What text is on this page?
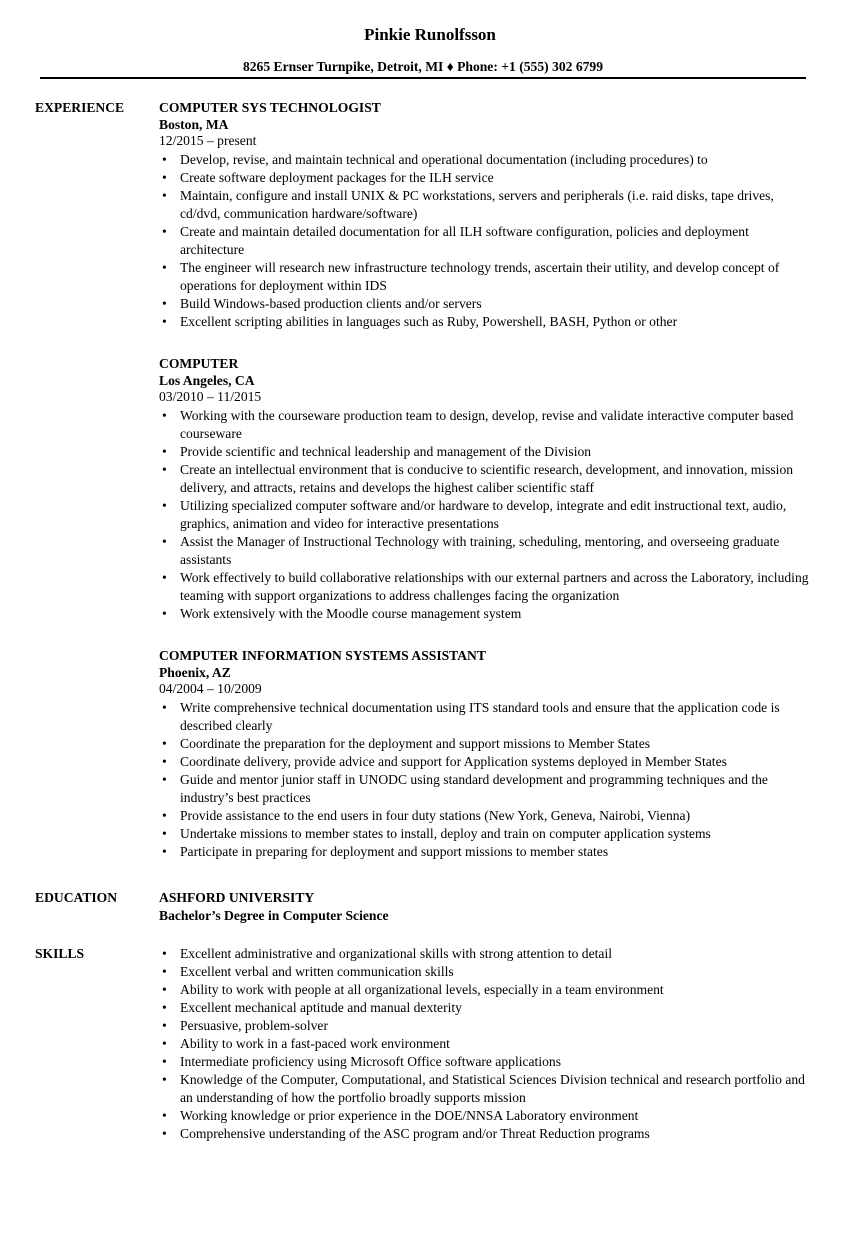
Pinkie Runolfsson
8265 Ernser Turnpike, Detroit, MI ♦ Phone: +1 (555) 302 6799
EXPERIENCE	COMPUTER SYS TECHNOLOGIST
Boston, MA
12/2015 – present
• Develop, revise, and maintain technical and operational documentation (including procedures) to
• Create software deployment packages for the ILH service
• Maintain, configure and install UNIX & PC workstations, servers and peripherals (i.e. raid disks, tape drives, cd/dvd, communication hardware/software)
• Create and maintain detailed documentation for all ILH software configuration, policies and deployment architecture
• The engineer will research new infrastructure technology trends, ascertain their utility, and develop concept of operations for deployment within IDS
• Build Windows-based production clients and/or servers
• Excellent scripting abilities in languages such as Ruby, Powershell, BASH, Python or other
COMPUTER
Los Angeles, CA
03/2010 – 11/2015
• Working with the courseware production team to design, develop, revise and validate interactive computer based courseware
• Provide scientific and technical leadership and management of the Division
• Create an intellectual environment that is conducive to scientific research, development, and innovation, mission delivery, and attracts, retains and develops the highest caliber scientific staff
• Utilizing specialized computer software and/or hardware to develop, integrate and edit instructional text, audio, graphics, animation and video for interactive presentations
• Assist the Manager of Instructional Technology with training, scheduling, mentoring, and overseeing graduate assistants
• Work effectively to build collaborative relationships with our external partners and across the Laboratory, including teaming with support organizations to address challenges facing the organization
• Work extensively with the Moodle course management system
COMPUTER INFORMATION SYSTEMS ASSISTANT
Phoenix, AZ
04/2004 – 10/2009
• Write comprehensive technical documentation using ITS standard tools and ensure that the application code is described clearly
• Coordinate the preparation for the deployment and support missions to Member States
• Coordinate delivery, provide advice and support for Application systems deployed in Member States
• Guide and mentor junior staff in UNODC using standard development and programming techniques and the industry’s best practices
• Provide assistance to the end users in four duty stations (New York, Geneva, Nairobi, Vienna)
• Undertake missions to member states to install, deploy and train on computer application systems
• Participate in preparing for deployment and support missions to member states
EDUCATION	ASHFORD UNIVERSITY
Bachelor’s Degree in Computer Science
SKILLS	• Excellent administrative and organizational skills with strong attention to detail
• Excellent verbal and written communication skills
• Ability to work with people at all organizational levels, especially in a team environment
• Excellent mechanical aptitude and manual dexterity
• Persuasive, problem-solver
• Ability to work in a fast-paced work environment
• Intermediate proficiency using Microsoft Office software applications
• Knowledge of the Computer, Computational, and Statistical Sciences Division technical and research portfolio and an understanding of how the portfolio broadly supports mission
• Working knowledge or prior experience in the DOE/NNSA Laboratory environment
• Comprehensive understanding of the ASC program and/or Threat Reduction programs
